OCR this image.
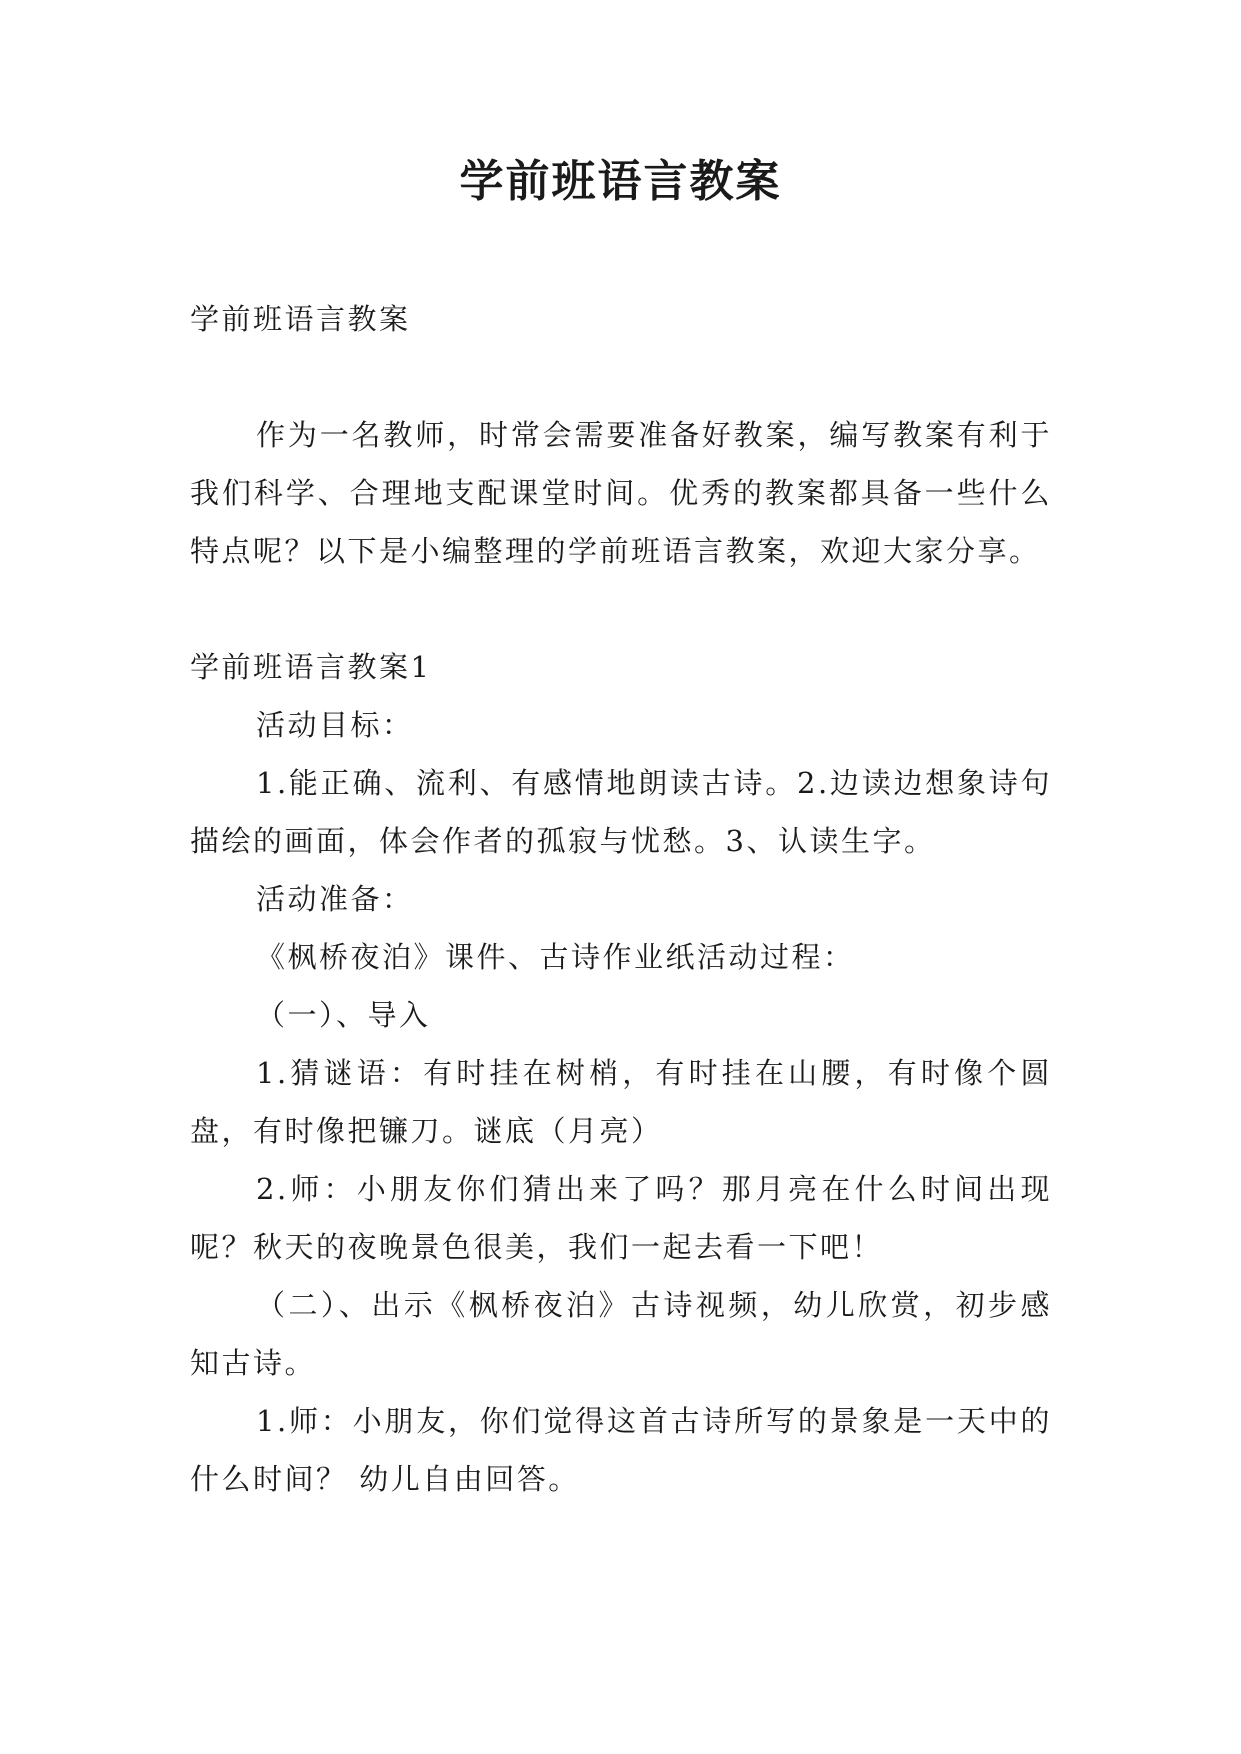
学前班语言教案

学前班语言教案

作为一名教师，时常会需要准备好教案，编写教案有利于我们科学、合理地支配课堂时间。优秀的教案都具备一些什么特点呢？以下是小编整理的学前班语言教案，欢迎大家分享。

学前班语言教案1

活动目标：

1.能正确、流利、有感情地朗读古诗。2.边读边想象诗句描绘的画面，体会作者的孤寂与忧愁。3、认读生字。

活动准备：

《枫桥夜泊》课件、古诗作业纸活动过程：

（一）、导入

1.猜谜语：有时挂在树梢，有时挂在山腰，有时像个圆盘，有时像把镰刀。谜底（月亮）

2.师：小朋友你们猜出来了吗？那月亮在什么时间出现呢？秋天的夜晚景色很美，我们一起去看一下吧！

（二）、出示《枫桥夜泊》古诗视频，幼儿欣赏，初步感知古诗。

1.师：小朋友，你们觉得这首古诗所写的景象是一天中的什么时间？ 幼儿自由回答。
